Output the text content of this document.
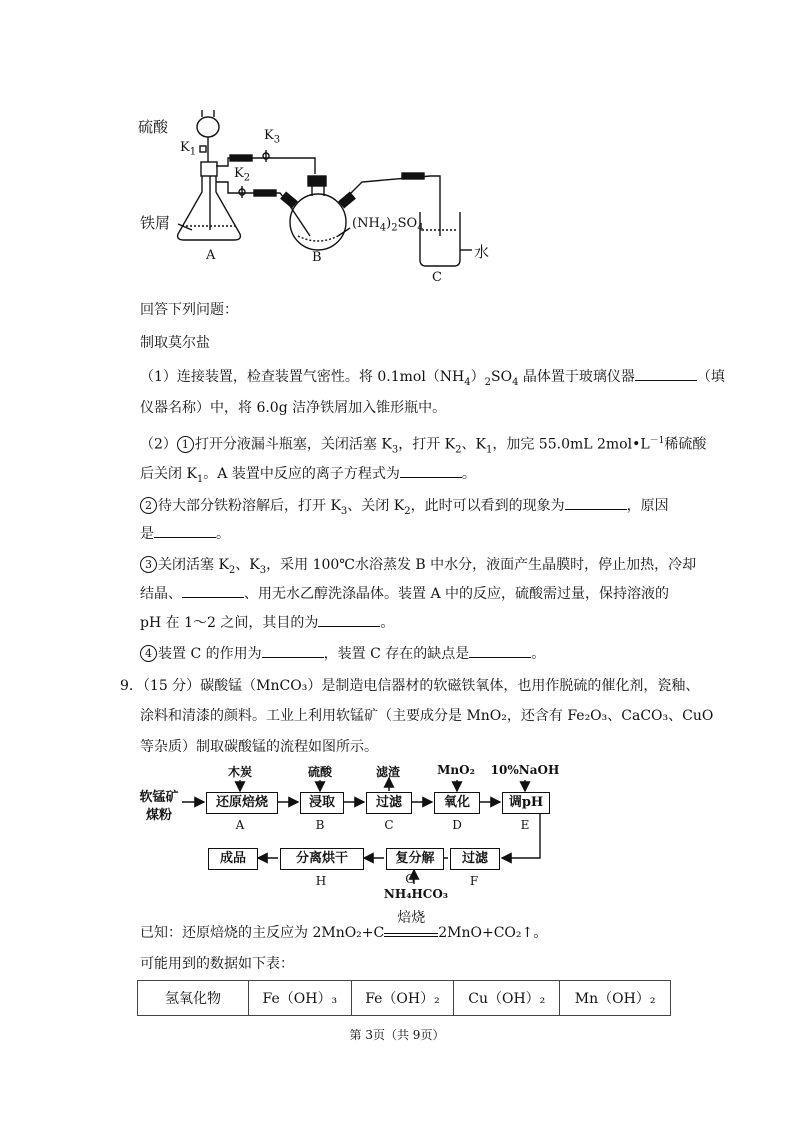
硫酸
$K_1$
$K_3$
$K_2$
铁屑	$(NH_4)_2SO_4$
水
A	B
C
回答下列问题：
制取莫尔盐
（1）连接装置，检查装置气密性。将 $0.1mol(NH_4)_2SO_4$ 晶体置于玻璃仪器	（填
仪器名称）中，将 6.0g 洁净铁屑加入锥形瓶中。
（2） 1 打开分液漏斗瓶塞，关闭活塞 $K_3$，打开 $K_2$、$K_1$，加完 55.0mL $2mol•L^{-1}$稀硫酸
后关闭 $K_1$。A 装置中反应的离子方程式为	。
2 待大部分铁粉溶解后，打开 $K_3$、关闭 $K_2$，此时可以看到的现象为	，原因
是	。
3 关闭活塞 $K_2$、$K_3$，采用 100℃水浴蒸发 B 中水分，液面产生晶膜时，停止加热，冷却
结晶、	、用无水乙醇洗涤晶体。装置 A 中的反应，硫酸需过量，保持溶液的
pH 在 1～2 之间，其目的为	。
4 装置 C 的作用为	，装置 C 存在的缺点是	。
9．（15 分）碳酸锰（MnCO₃）是制造电信器材的软磁铁氧体，也用作脱硫的催化剂，瓷釉、
涂料和清漆的颜料。工业上利用软锰矿（主要成分是 MnO₂，还含有 Fe₂O₃、CaCO₃、CuO
等杂质）制取碳酸锰的流程如图所示。
软锰矿
煤粉
还原焙烧
木炭
A
浸取
硫酸
B
过滤
滤渣
C
氧化
MnO₂
D
调pH
10%NaOH
E
过滤
F
复分解
G
NH₄HCO₃
分离烘干
H
成品
已知：还原焙烧的主反应为 2MnO₂+C
焙烧
2MnO+CO₂↑。
可能用到的数据如下表：
氢氧化物	Fe（OH）₃	Fe（OH）₂	Cu（OH）₂	Mn（OH）₂
第 3页（共 9页）
